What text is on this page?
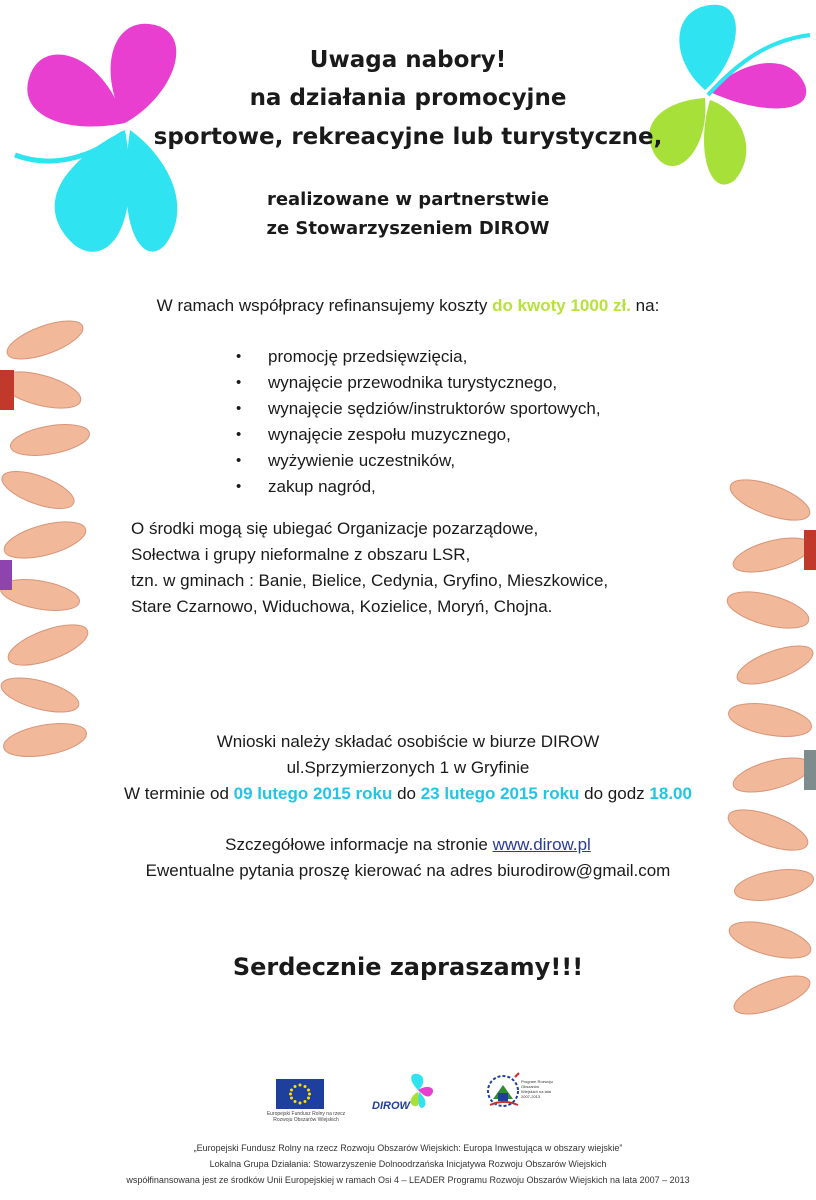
Uwaga nabory!
na działania promocyjne
sportowe, rekreacyjne lub turystyczne,
realizowane w partnerstwie
ze Stowarzyszeniem DIROW
W ramach współpracy refinansujemy koszty do kwoty 1000 zł. na:
•	promocję przedsięwzięcia,
•	wynajęcie przewodnika turystycznego,
•	wynajęcie sędziów/instruktorów sportowych,
•	wynajęcie zespołu muzycznego,
•	wyżywienie uczestników,
•	zakup nagród,
O środki mogą się ubiegać Organizacje pozarządowe,
Sołectwa i grupy nieformalne z obszaru LSR,
tzn. w gminach : Banie, Bielice, Cedynia, Gryfino, Mieszkowice,
Stare Czarnowo, Widuchowa, Kozielice, Moryń, Chojna.
Wnioski należy składać osobiście w biurze DIROW
ul.Sprzymierzonych 1 w Gryfinie
W terminie od 09 lutego 2015 roku do 23 lutego 2015 roku do godz 18.00
Szczegółowe informacje na stronie www.dirow.pl
Ewentualne pytania proszę kierować na adres biurodirow@gmail.com
Serdecznie zapraszamy!!!
Europejski Fundusz Rolny na rzecz Rozwoju Obszarów Wiejskich
DIROW
Program Rozwoju Obszarów Wiejskich na lata 2007-2013
„Europejski Fundusz Rolny na rzecz Rozwoju Obszarów Wiejskich: Europa Inwestująca w obszary wiejskie”
Lokalna Grupa Działania: Stowarzyszenie Dolnoodrzańska Inicjatywa Rozwoju Obszarów Wiejskich
współfinansowana jest ze środków Unii Europejskiej w ramach Osi 4 – LEADER Programu Rozwoju Obszarów Wiejskich na lata 2007 – 2013
